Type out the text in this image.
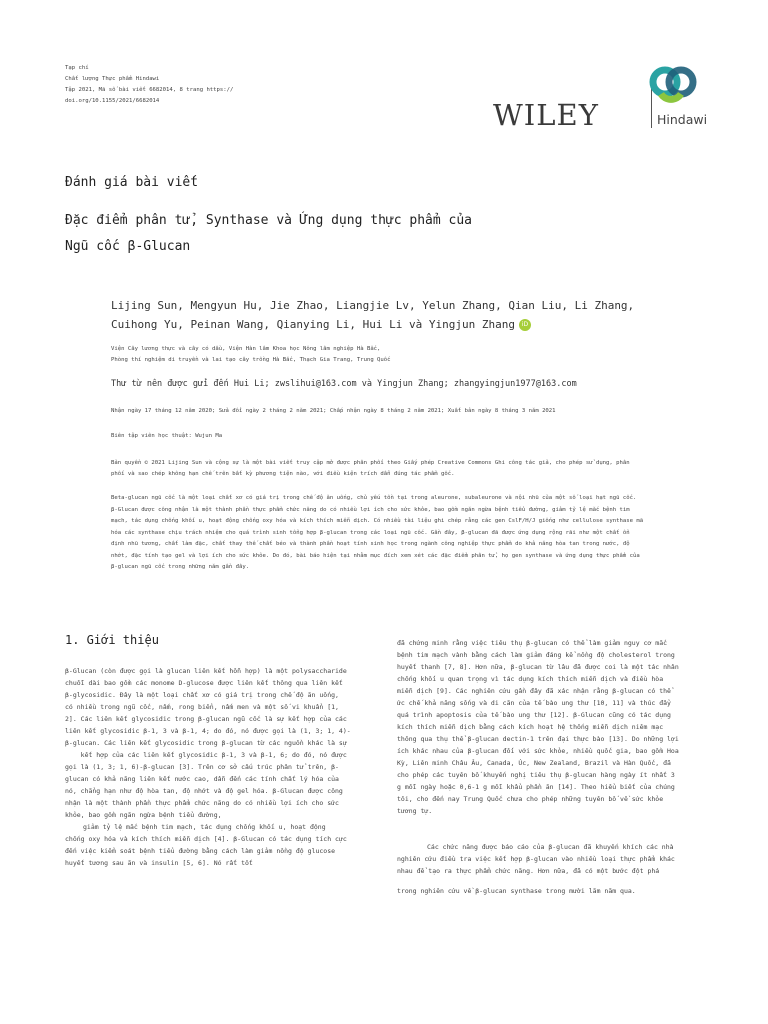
Tạp chí
Chất lượng Thực phẩm Hindawi
Tập 2021, Mã số bài viết 6682014, 8 trang https://
doi.org/10.1155/2021/6682014	WILEY	Hindawi
Đánh giá bài viết
Đặc điểm phân tử, Synthase và Ứng dụng thực phẩm của
Ngũ cốc β-Glucan
Lijing Sun, Mengyun Hu, Jie Zhao, Liangjie Lv, Yelun Zhang, Qian Liu, Li Zhang,
Cuihong Yu, Peinan Wang, Qianying Li, Hui Li và Yingjun Zhang iD
Viện Cây lương thực và cây có dầu, Viện Hàn lâm Khoa học Nông lâm nghiệp Hà Bắc,
Phòng thí nghiệm di truyền và lai tạo cây trồng Hà Bắc, Thạch Gia Trang, Trung Quốc
Thư từ nên được gửi đến Hui Li; zwslihui@163.com và Yingjun Zhang; zhangyingjun1977@163.com
Nhận ngày 17 tháng 12 năm 2020; Sửa đổi ngày 2 tháng 2 năm 2021; Chấp nhận ngày 8 tháng 2 năm 2021; Xuất bản ngày 8 tháng 3 năm 2021
Biên tập viên học thuật: Wujun Ma
Bản quyền © 2021 Lijing Sun và cộng sự là một bài viết truy cập mở được phân phối theo Giấy phép Creative Commons Ghi công tác giả, cho phép sử dụng, phân
phối và sao chép không hạn chế trên bất kỳ phương tiện nào, với điều kiện trích dẫn đúng tác phẩm gốc.
Beta-glucan ngũ cốc là một loại chất xơ có giá trị trong chế độ ăn uống, chủ yếu tồn tại trong aleurone, subaleurone và nội nhũ của một số loại hạt ngũ cốc.
β-Glucan được công nhận là một thành phần thực phẩm chức năng do có nhiều lợi ích cho sức khỏe, bao gồm ngăn ngừa bệnh tiểu đường, giảm tỷ lệ mắc bệnh tim
mạch, tác dụng chống khối u, hoạt động chống oxy hóa và kích thích miễn dịch. Có nhiều tài liệu ghi chép rằng các gen CslF/H/J giống như cellulose synthase mã
hóa các synthase chịu trách nhiệm cho quá trình sinh tổng hợp β-glucan trong các loại ngũ cốc. Gần đây, β-glucan đã được ứng dụng rộng rãi như một chất ổn
định nhũ tương, chất làm đặc, chất thay thế chất béo và thành phần hoạt tính sinh học trong ngành công nghiệp thực phẩm do khả năng hòa tan trong nước, độ
nhớt, đặc tính tạo gel và lợi ích cho sức khỏe. Do đó, bài báo hiện tại nhằm mục đích xem xét các đặc điểm phân tử, họ gen synthase và ứng dụng thực phẩm của
β-glucan ngũ cốc trong những năm gần đây.
1. Giới thiệu
β-Glucan (còn được gọi là glucan liên kết hỗn hợp) là một polysaccharide
chuỗi dài bao gồm các monome D-glucose được liên kết thông qua liên kết
β-glycosidic. Đây là một loại chất xơ có giá trị trong chế độ ăn uống,
có nhiều trong ngũ cốc, nấm, rong biển, nấm men và một số vi khuẩn [1,
2]. Các liên kết glycosidic trong β-glucan ngũ cốc là sự kết hợp của các
liên kết glycosidic β-1, 3 và β-1, 4; do đó, nó được gọi là (1, 3; 1, 4)-
β-glucan. Các liên kết glycosidic trong β-glucan từ các nguồn khác là sự
kết hợp của các liên kết glycosidic β-1, 3 và β-1, 6; do đó, nó được
gọi là (1, 3; 1, 6)-β-glucan [3]. Trên cơ sở cấu trúc phân tử trên, β-
glucan có khả năng liên kết nước cao, dẫn đến các tính chất lý hóa của
nó, chẳng hạn như độ hòa tan, độ nhớt và độ gel hóa. β-Glucan được công
nhận là một thành phần thực phẩm chức năng do có nhiều lợi ích cho sức
khỏe, bao gồm ngăn ngừa bệnh tiểu đường,
giảm tỷ lệ mắc bệnh tim mạch, tác dụng chống khối u, hoạt động
chống oxy hóa và kích thích miễn dịch [4]. β-Glucan có tác dụng tích cực
đến việc kiểm soát bệnh tiểu đường bằng cách làm giảm nồng độ glucose
huyết tương sau ăn và insulin [5, 6]. Nó rất tốt
đã chứng minh rằng việc tiêu thụ β-glucan có thể làm giảm nguy cơ mắc
bệnh tim mạch vành bằng cách làm giảm đáng kể nồng độ cholesterol trong
huyết thanh [7, 8]. Hơn nữa, β-glucan từ lâu đã được coi là một tác nhân
chống khối u quan trọng vì tác dụng kích thích miễn dịch và điều hòa
miễn dịch [9]. Các nghiên cứu gần đây đã xác nhận rằng β-glucan có thể
ức chế khả năng sống và di căn của tế bào ung thư [10, 11] và thúc đẩy
quá trình apoptosis của tế bào ung thư [12]. β-Glucan cũng có tác dụng
kích thích miễn dịch bằng cách kích hoạt hệ thống miễn dịch niêm mạc
thông qua thụ thể β-glucan dectin-1 trên đại thực bào [13]. Do những lợi
ích khác nhau của β-glucan đối với sức khỏe, nhiều quốc gia, bao gồm Hoa
Kỳ, Liên minh Châu Âu, Canada, Úc, New Zealand, Brazil và Hàn Quốc, đã
cho phép các tuyên bố khuyến nghị tiêu thụ β-glucan hàng ngày ít nhất 3
g mỗi ngày hoặc 0,6-1 g mỗi khẩu phần ăn [14]. Theo hiểu biết của chúng
tôi, cho đến nay Trung Quốc chưa cho phép những tuyên bố về sức khỏe
tương tự.
Các chức năng được báo cáo của β-glucan đã khuyến khích các nhà
nghiên cứu điều tra việc kết hợp β-glucan vào nhiều loại thực phẩm khác
nhau để tạo ra thực phẩm chức năng. Hơn nữa, đã có một bước đột phá
trong nghiên cứu về β-glucan synthase trong mười lăm năm qua.
